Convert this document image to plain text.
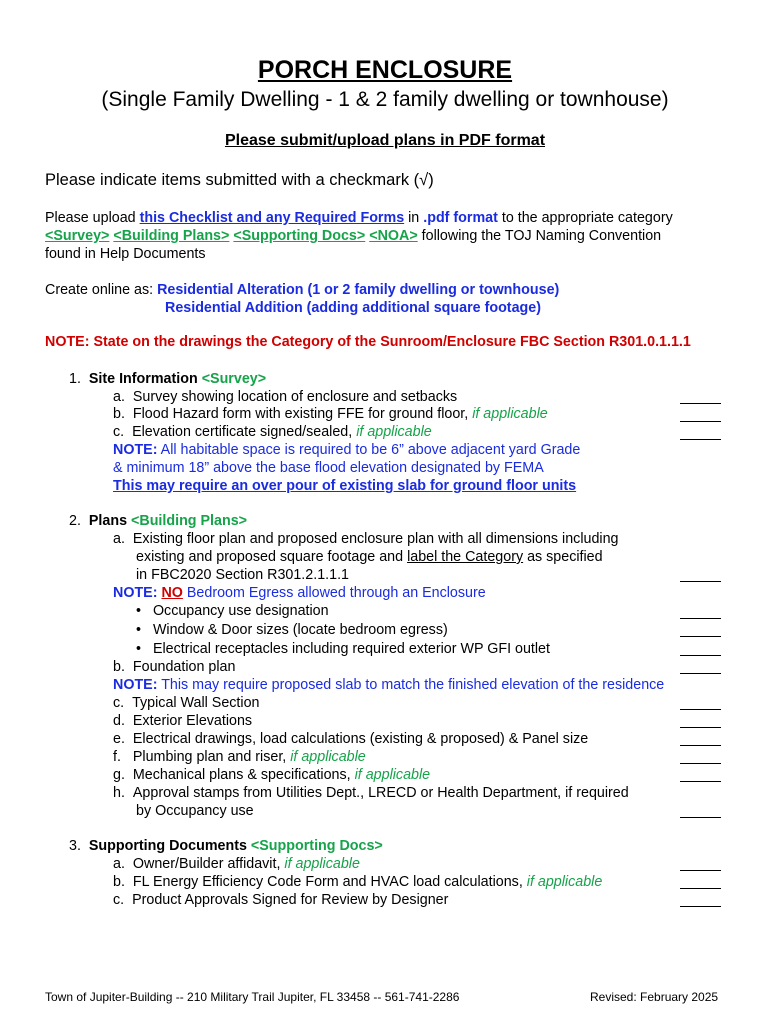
PORCH ENCLOSURE
(Single Family Dwelling - 1 & 2 family dwelling or townhouse)
Please submit/upload plans in PDF format
Please indicate items submitted with a checkmark (√)
Please upload this Checklist and any Required Forms in .pdf format to the appropriate category
<Survey> <Building Plans> <Supporting Docs> <NOA> following the TOJ Naming Convention
found in Help Documents
Create online as: Residential Alteration (1 or 2 family dwelling or townhouse)
Residential Addition (adding additional square footage)
NOTE: State on the drawings the Category of the Sunroom/Enclosure FBC Section R301.0.1.1.1
1. Site Information <Survey>
a. Survey showing location of enclosure and setbacks
b. Flood Hazard form with existing FFE for ground floor, if applicable
c. Elevation certificate signed/sealed, if applicable
NOTE: All habitable space is required to be 6” above adjacent yard Grade
& minimum 18” above the base flood elevation designated by FEMA
This may require an over pour of existing slab for ground floor units
2. Plans <Building Plans>
a. Existing floor plan and proposed enclosure plan with all dimensions including
existing and proposed square footage and label the Category as specified
in FBC2020 Section R301.2.1.1.1
NOTE: NO Bedroom Egress allowed through an Enclosure
• Occupancy use designation
• Window & Door sizes (locate bedroom egress)
• Electrical receptacles including required exterior WP GFI outlet
b. Foundation plan
NOTE: This may require proposed slab to match the finished elevation of the residence
c. Typical Wall Section
d. Exterior Elevations
e. Electrical drawings, load calculations (existing & proposed) & Panel size
f. Plumbing plan and riser, if applicable
g. Mechanical plans & specifications, if applicable
h. Approval stamps from Utilities Dept., LRECD or Health Department, if required
by Occupancy use
3. Supporting Documents <Supporting Docs>
a. Owner/Builder affidavit, if applicable
b. FL Energy Efficiency Code Form and HVAC load calculations, if applicable
c. Product Approvals Signed for Review by Designer
Town of Jupiter-Building -- 210 Military Trail Jupiter, FL 33458 -- 561-741-2286	Revised: February 2025
